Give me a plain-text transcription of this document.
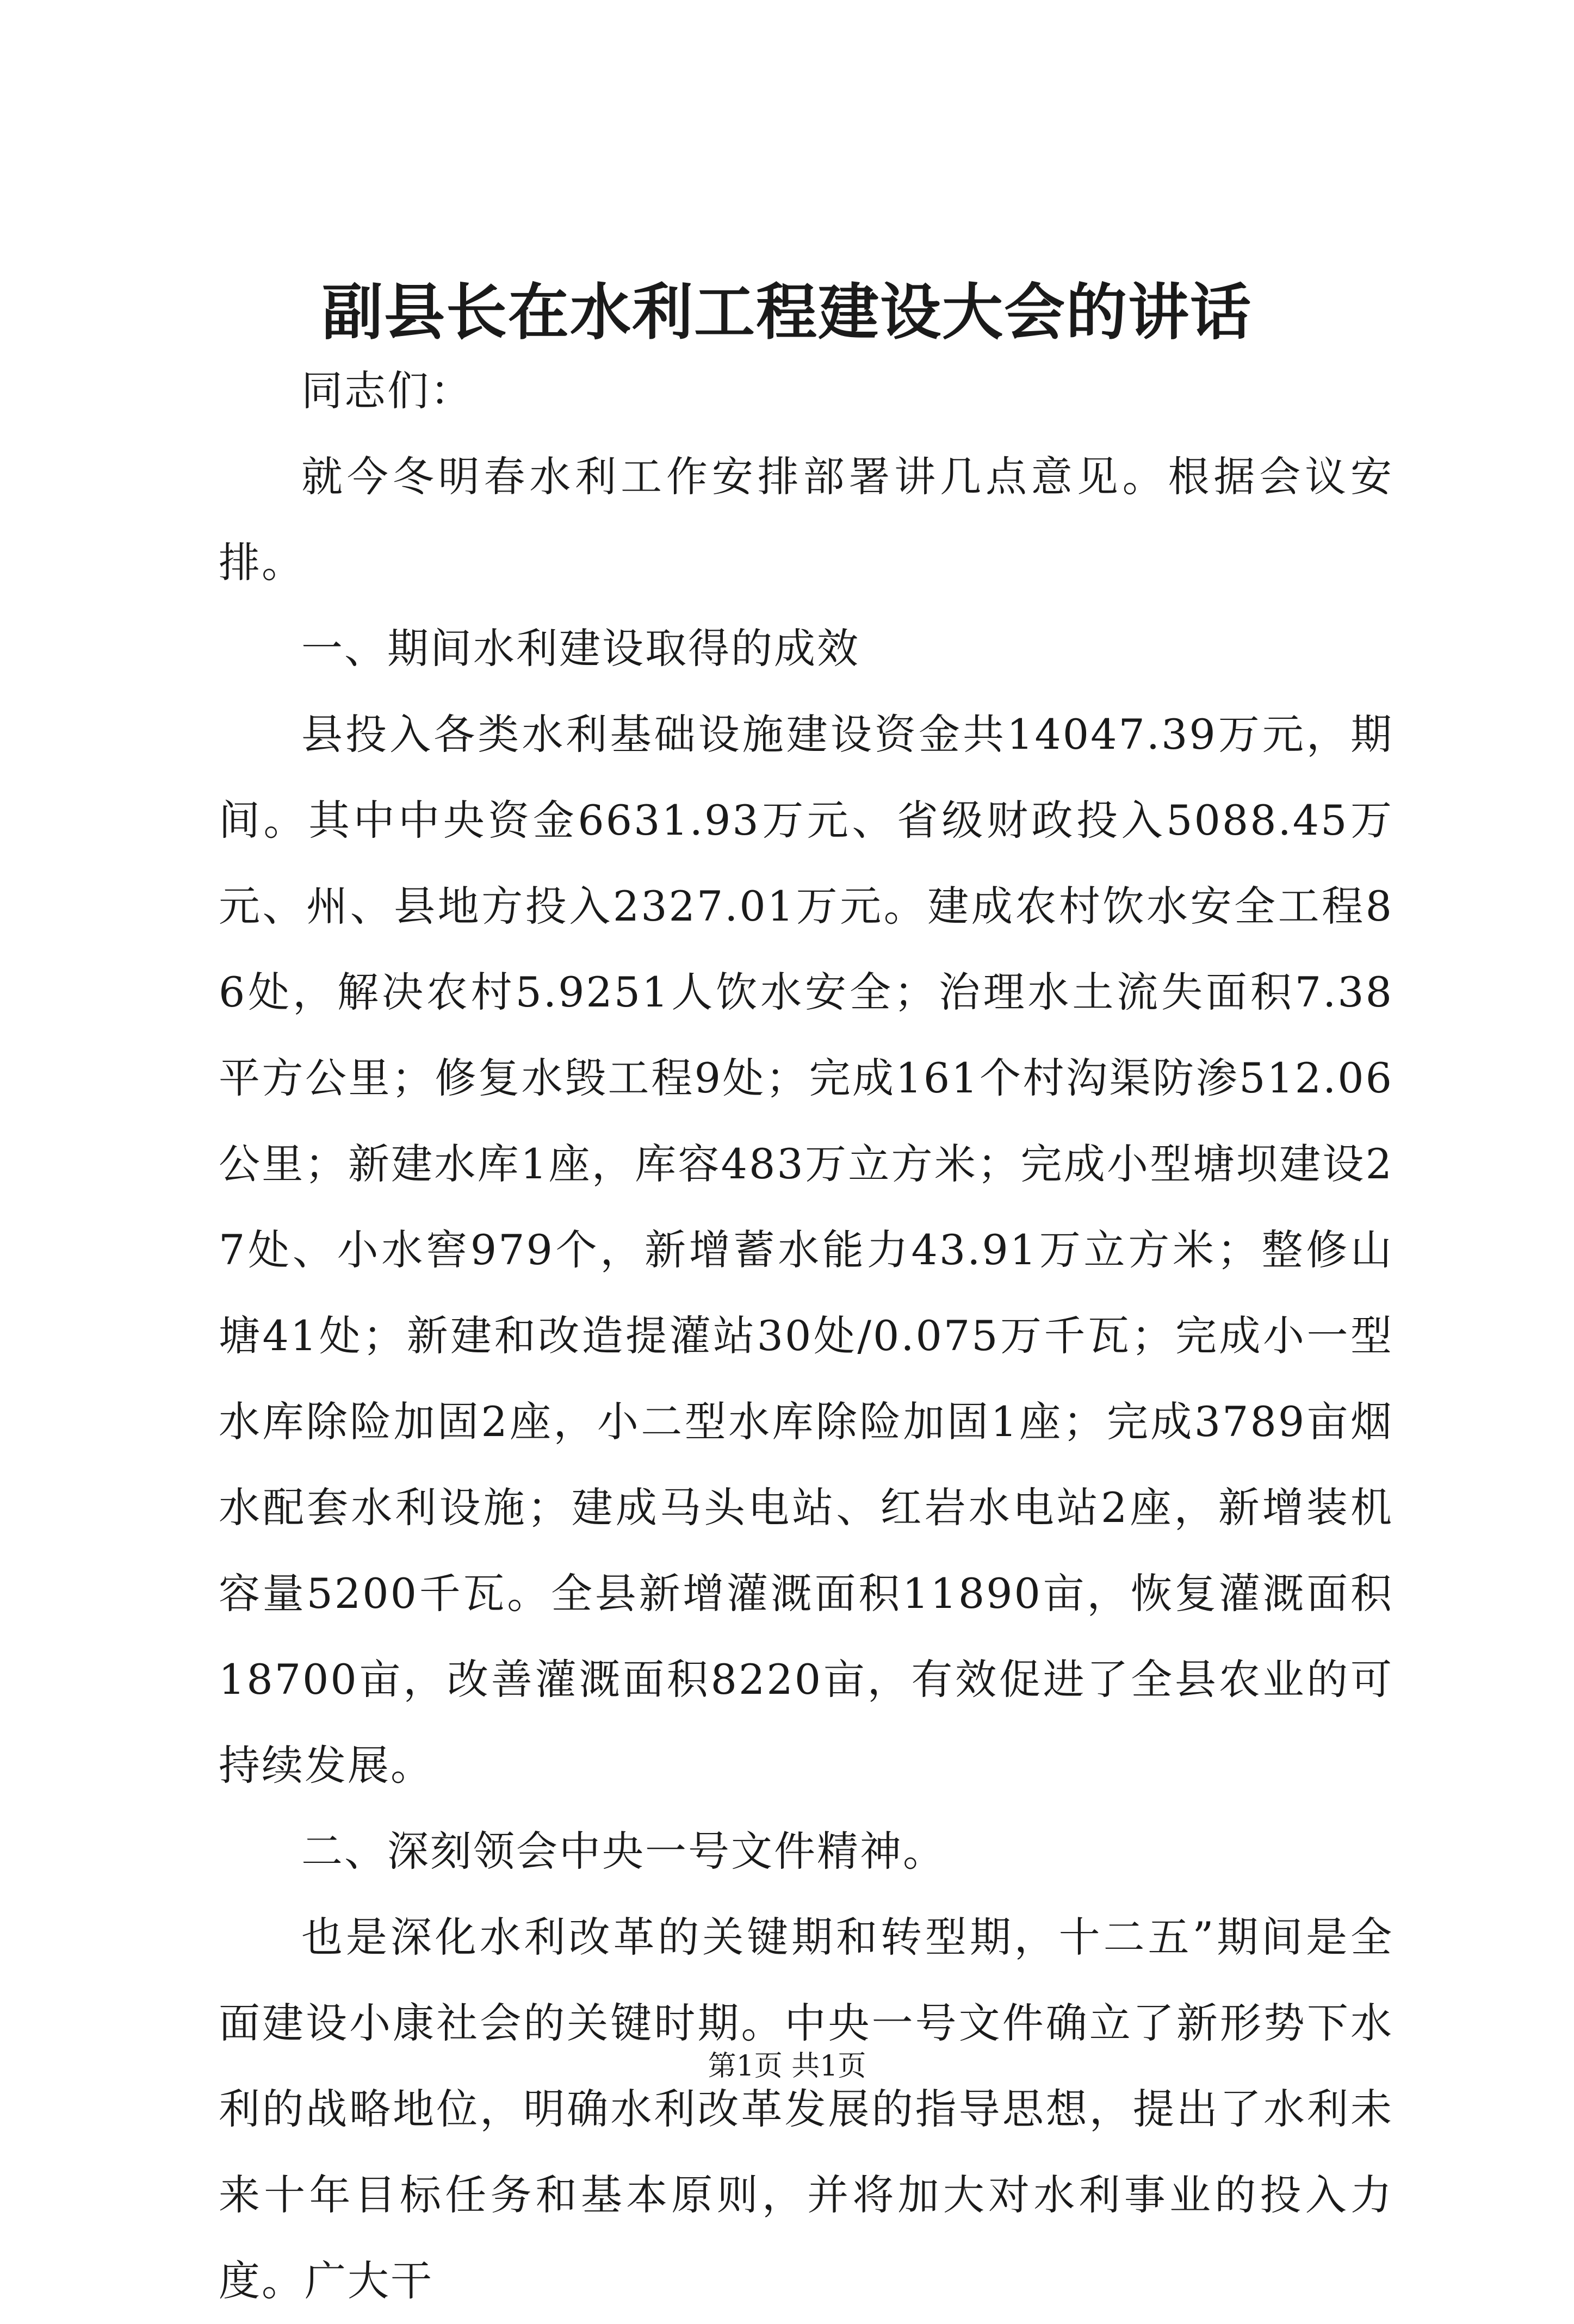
副县长在水利工程建设大会的讲话

同志们：

就今冬明春水利工作安排部署讲几点意见。根据会议安排。

一、期间水利建设取得的成效

县投入各类水利基础设施建设资金共14047.39万元，期间。其中中央资金6631.93万元、省级财政投入5088.45万元、州、县地方投入2327.01万元。建成农村饮水安全工程86处，解决农村5.9251人饮水安全；治理水土流失面积7.38平方公里；修复水毁工程9处；完成161个村沟渠防渗512.06公里；新建水库1座，库容483万立方米；完成小型塘坝建设27处、小水窖979个，新增蓄水能力43.91万立方米；整修山塘41处；新建和改造提灌站30处/0.075万千瓦；完成小一型水库除险加固2座，小二型水库除险加固1座；完成3789亩烟水配套水利设施；建成马头电站、红岩水电站2座，新增装机容量5200千瓦。全县新增灌溉面积11890亩，恢复灌溉面积18700亩，改善灌溉面积8220亩，有效促进了全县农业的可持续发展。

二、深刻领会中央一号文件精神。

也是深化水利改革的关键期和转型期，十二五”期间是全面建设小康社会的关键时期。中央一号文件确立了新形势下水利的战略地位，明确水利改革发展的指导思想，提出了水利未来十年目标任务和基本原则，并将加大对水利事业的投入力度。广大干

第1页 共1页
